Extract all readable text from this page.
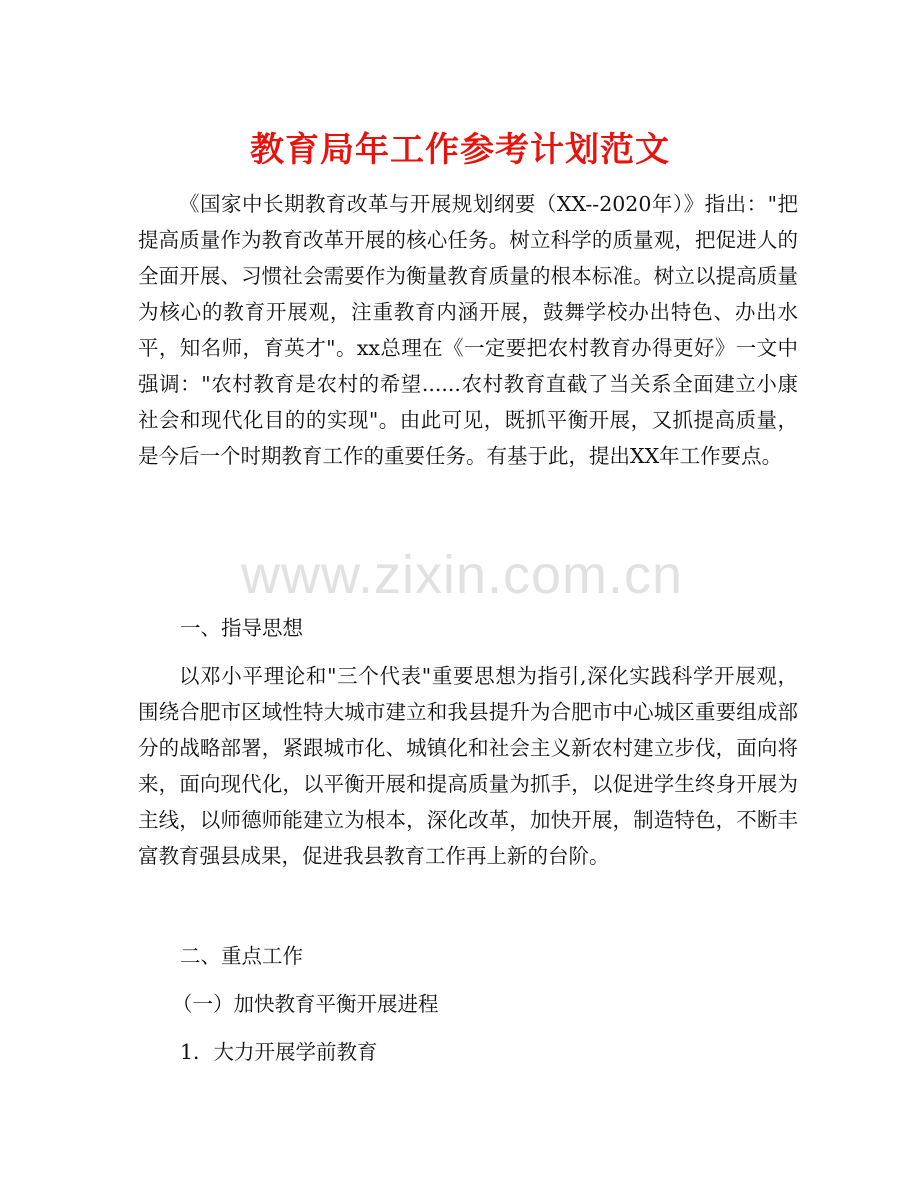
教育局年工作参考计划范文

《国家中长期教育改革与开展规划纲要（XX--2020年）》指出："把提高质量作为教育改革开展的核心任务。树立科学的质量观，把促进人的全面开展、习惯社会需要作为衡量教育质量的根本标准。树立以提高质量为核心的教育开展观，注重教育内涵开展，鼓舞学校办出特色、办出水平，知名师，育英才"。xx总理在《一定要把农村教育办得更好》一文中强调："农村教育是农村的希望......农村教育直截了当关系全面建立小康社会和现代化目的的实现"。由此可见，既抓平衡开展，又抓提高质量，是今后一个时期教育工作的重要任务。有基于此，提出XX年工作要点。

一、指导思想

以邓小平理论和"三个代表"重要思想为指引,深化实践科学开展观，围绕合肥市区域性特大城市建立和我县提升为合肥市中心城区重要组成部分的战略部署，紧跟城市化、城镇化和社会主义新农村建立步伐，面向将来，面向现代化，以平衡开展和提高质量为抓手，以促进学生终身开展为主线，以师德师能建立为根本，深化改革，加快开展，制造特色，不断丰富教育强县成果，促进我县教育工作再上新的台阶。

二、重点工作
（一）加快教育平衡开展进程
1．大力开展学前教育
www.zixin.com.cn
